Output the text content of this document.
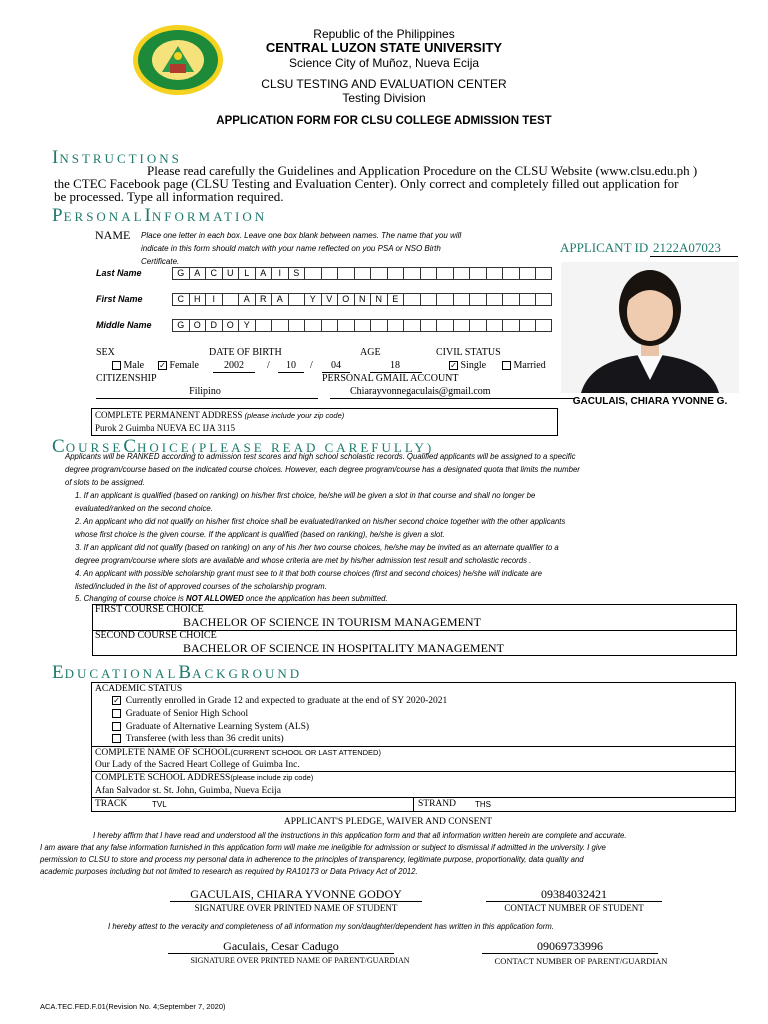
Republic of the Philippines
CENTRAL LUZON STATE UNIVERSITY
Science City of Muñoz, Nueva Ecija
CLSU TESTING AND EVALUATION CENTER
Testing Division
APPLICATION FORM FOR CLSU COLLEGE ADMISSION TEST
INSTRUCTIONS
Please read carefully the Guidelines and Application Procedure on the CLSU Website (www.clsu.edu.ph )
the CTEC Facebook page (CLSU Testing and Evaluation Center). Only correct and completely filled out application for
be processed. Type all information required.
PERSONALINFORMATION
NAME Place one letter in each box. Leave one box blank between names. The name that you will
indicate in this form should match with your name reflected on you PSA or NSO Birth
Certificate.
APPLICANT ID 2122A07023
Last Name	G	A	C	U	L	A	I	S
First Name	C	H	I	A	R	A	Y	V	O	N	N	E
Middle Name	G	O	D	O	Y
GACULAIS, CHIARA YVONNE G.
SEX	DATE OF BIRTH	AGE	CIVIL STATUS
Male ✓ Female	2002	/	10	/	04	18	✓ Single	Married
CITIZENSHIP	PERSONAL GMAIL ACCOUNT
Filipino	Chiarayvonnegaculais@gmail.com
COMPLETE PERMANENT ADDRESS (please include your zip code)
Purok 2 Guimba NUEVA EC IJA 3115
COURSECHOICE(PLEASE READ CAREFULLY)
Applicants will be RANKED according to admission test scores and high school scholastic records. Qualified applicants will be assigned to a specific
degree program/course based on the indicated course choices. However, each degree program/course has a designated quota that limits the number
of slots to be assigned.
1. If an applicant is qualified (based on ranking) on his/her first choice, he/she will be given a slot in that course and shall no longer be
evaluated/ranked on the second choice.
2. An applicant who did not qualify on his/her first choice shall be evaluated/ranked on his/her second choice together with the other applicants
whose first choice is the given course. If the applicant is qualified (based on ranking), he/she is given a slot.
3. If an applicant did not qualify (based on ranking) on any of his /her two course choices, he/she may be invited as an alternate qualifier to a
degree program/course where slots are available and whose criteria are met by his/her admission test result and scholastic records .
4. An applicant with possible scholarship grant must see to it that both course choices (first and second choices) he/she will indicate are
listed/included in the list of approved courses of the scholarship program.
5. Changing of course choice is NOT ALLOWED once the application has been submitted.
FIRST COURSE CHOICE
BACHELOR OF SCIENCE IN TOURISM MANAGEMENT
SECOND COURSE CHOICE
BACHELOR OF SCIENCE IN HOSPITALITY MANAGEMENT
EDUCATIONALBACKGROUND
ACADEMIC STATUS
✓ Currently enrolled in Grade 12 and expected to graduate at the end of SY 2020-2021
Graduate of Senior High School
Graduate of Alternative Learning System (ALS)
Transferee (with less than 36 credit units)
COMPLETE NAME OF SCHOOL(CURRENT SCHOOL OR LAST ATTENDED)
Our Lady of the Sacred Heart College of Guimba Inc.
COMPLETE SCHOOL ADDRESS(please include zip code)
Afan Salvador st. St. John, Guimba, Nueva Ecija
TRACK	TVL	STRAND THS
APPLICANT'S PLEDGE, WAIVER AND CONSENT
I hereby affirm that I have read and understood all the instructions in this application form and that all information written herein are complete and accurate.
I am aware that any false information furnished in this application form will make me ineligible for admission or subject to dismissal if admitted in the university. I give
permission to CLSU to store and process my personal data in adherence to the principles of transparency, legitimate purpose, proportionality, data quality and
academic purposes including but not limited to research as required by RA10173 or Data Privacy Act of 2012.
GACULAIS, CHIARA YVONNE GODOY
SIGNATURE OVER PRINTED NAME OF STUDENT
09384032421
CONTACT NUMBER OF STUDENT
I hereby attest to the veracity and completeness of all information my son/daughter/dependent has written in this application form.
Gaculais, Cesar Cadugo
SIGNATURE OVER PRINTED NAME OF PARENT/GUARDIAN
09069733996
CONTACT NUMBER OF PARENT/GUARDIAN
ACA.TEC.FED.F.01(Revision No. 4;September 7, 2020)
